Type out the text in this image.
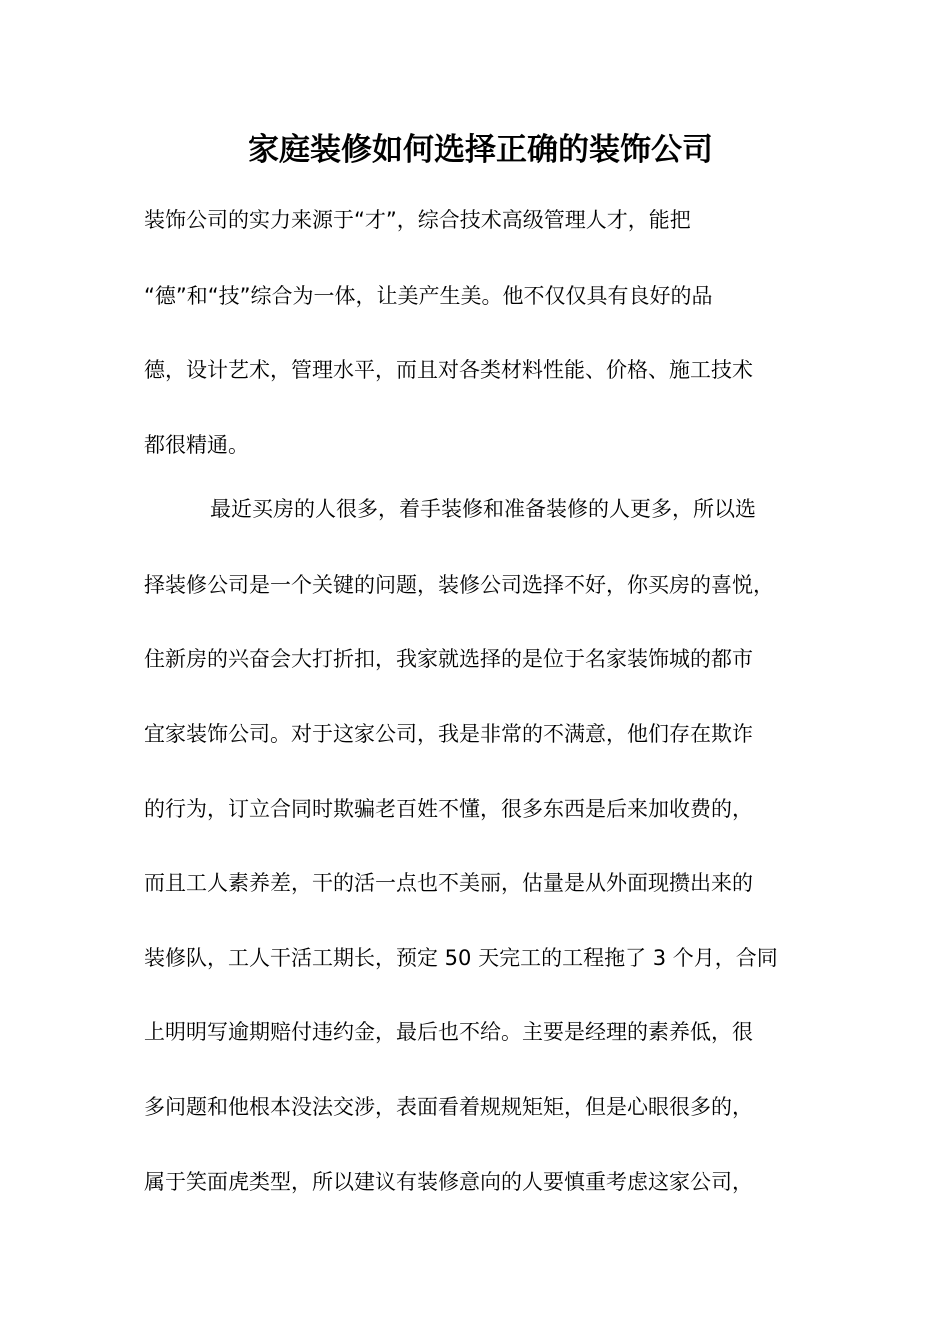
家庭装修如何选择正确的装饰公司
装饰公司的实力来源于“才”，综合技术高级管理人才，能把
“德”和“技”综合为一体，让美产生美。他不仅仅具有良好的品
德，设计艺术，管理水平，而且对各类材料性能、价格、施工技术
都很精通。
最近买房的人很多，着手装修和准备装修的人更多，所以选
择装修公司是一个关键的问题，装修公司选择不好，你买房的喜悦，
住新房的兴奋会大打折扣，我家就选择的是位于名家装饰城的都市
宜家装饰公司。对于这家公司，我是非常的不满意，他们存在欺诈
的行为，订立合同时欺骗老百姓不懂，很多东西是后来加收费的，
而且工人素养差，干的活一点也不美丽，估量是从外面现攒出来的
装修队，工人干活工期长，预定 50 天完工的工程拖了 3 个月，合同
上明明写逾期赔付违约金，最后也不给。主要是经理的素养低，很
多问题和他根本没法交涉，表面看着规规矩矩，但是心眼很多的，
属于笑面虎类型，所以建议有装修意向的人要慎重考虑这家公司，
